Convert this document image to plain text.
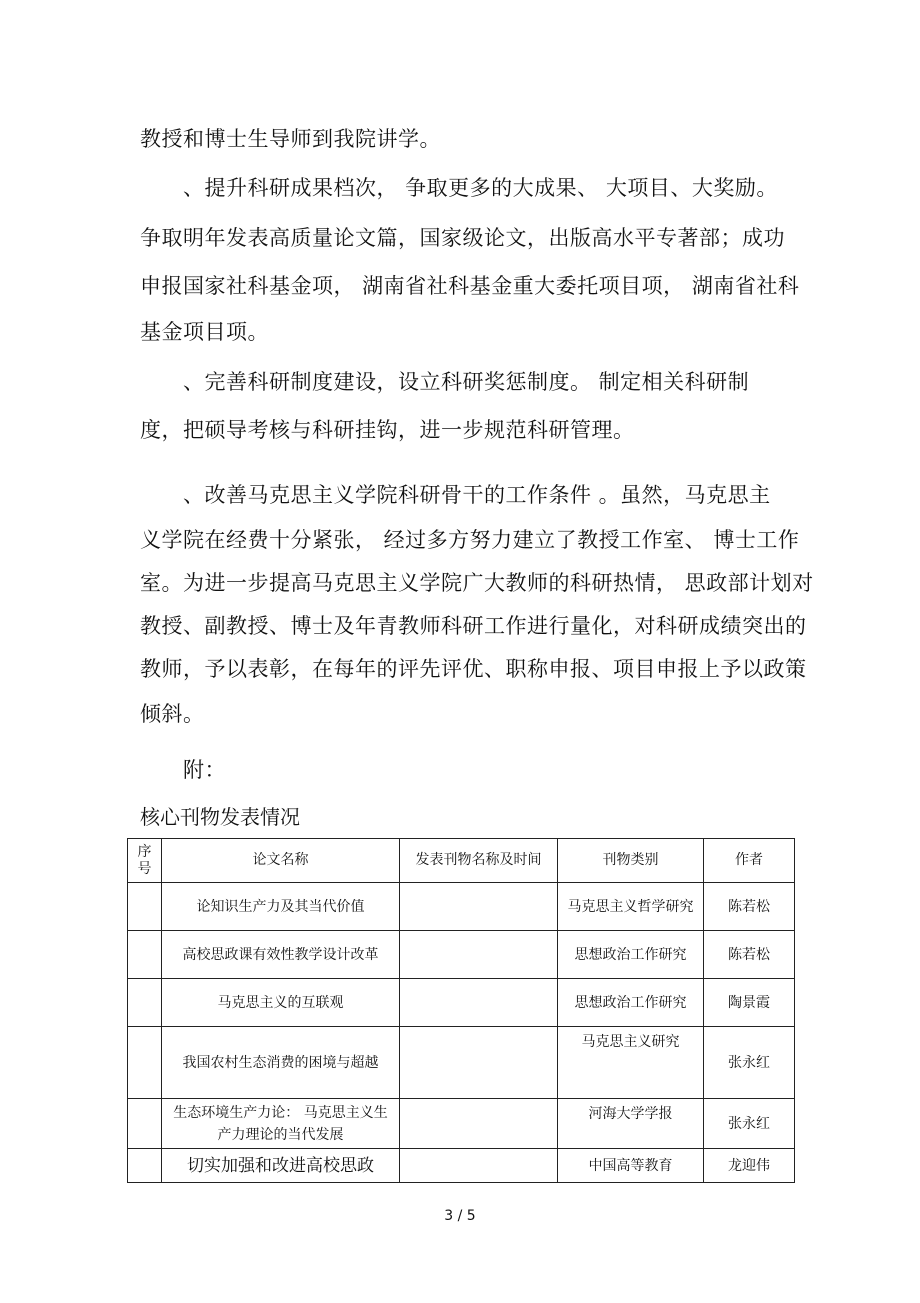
教授和博士生导师到我院讲学。
、提升科研成果档次， 争取更多的大成果、 大项目、大奖励。
争取明年发表高质量论文篇，国家级论文，出版高水平专著部；成功
申报国家社科基金项， 湖南省社科基金重大委托项目项， 湖南省社科
基金项目项。
、完善科研制度建设，设立科研奖惩制度。 制定相关科研制
度，把硕导考核与科研挂钩，进一步规范科研管理。
、改善马克思主义学院科研骨干的工作条件 。虽然，马克思主
义学院在经费十分紧张， 经过多方努力建立了教授工作室、 博士工作
室。为进一步提高马克思主义学院广大教师的科研热情， 思政部计划对
教授、副教授、博士及年青教师科研工作进行量化，对科研成绩突出的
教师，予以表彰，在每年的评先评优、职称申报、项目申报上予以政策
倾斜。
附：
核心刊物发表情况
序号	论文名称	发表刊物名称及时间	刊物类别	作者
	论知识生产力及其当代价值		马克思主义哲学研究	陈若松
	高校思政课有效性教学设计改革		思想政治工作研究	陈若松
	马克思主义的互联观		思想政治工作研究	陶景霞
	我国农村生态消费的困境与超越		马克思主义研究	张永红
	生态环境生产力论： 马克思主义生产力理论的当代发展		河海大学学报	张永红
	切实加强和改进高校思政		中国高等教育	龙迎伟
3 / 5
